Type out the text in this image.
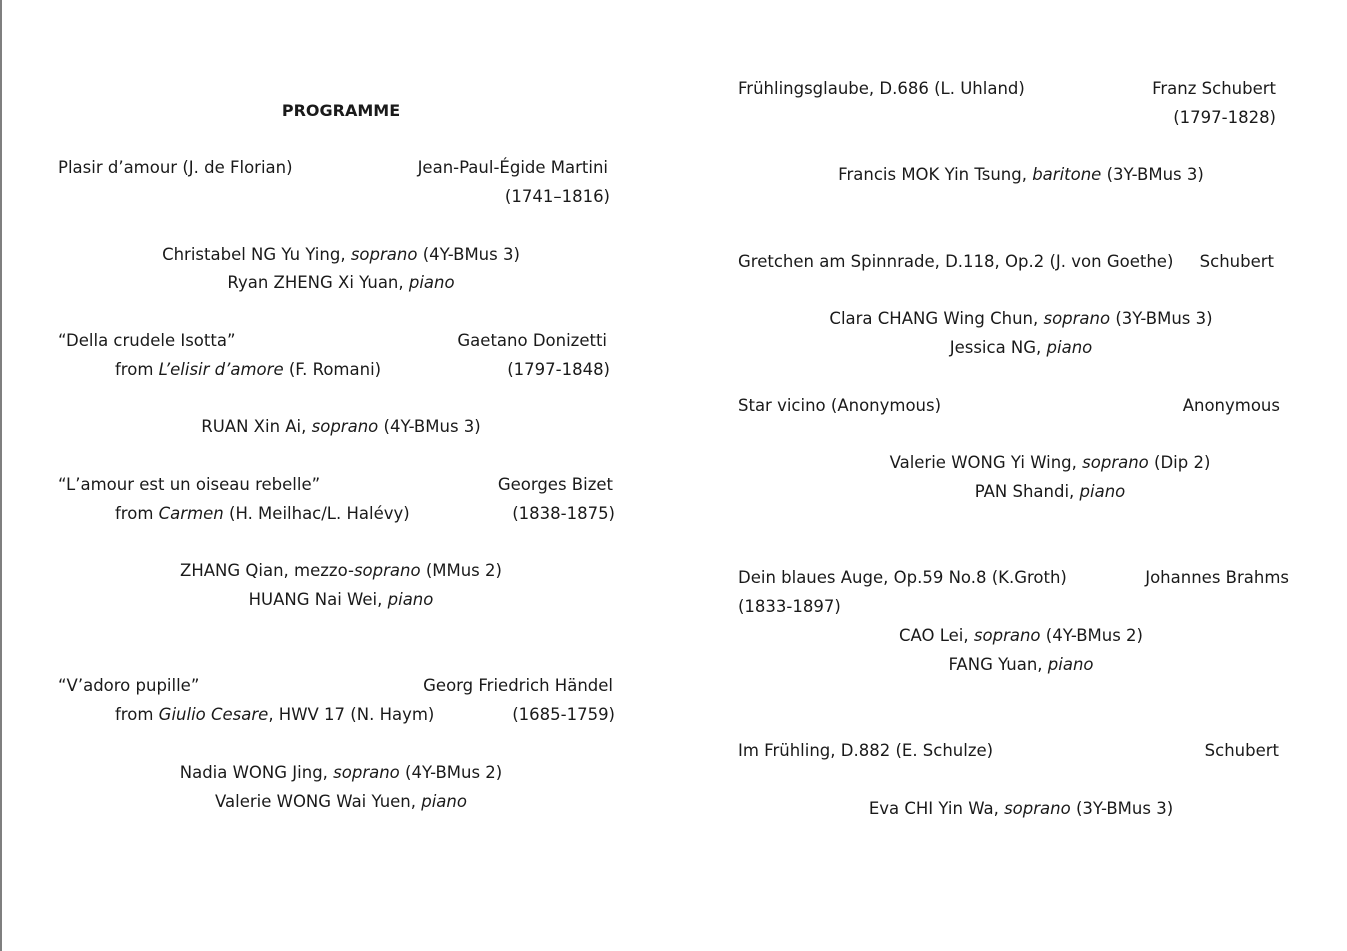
PROGRAMME
Plasir d’amour (J. de Florian)	Jean-Paul-Égide Martini
(1741–1816)
Christabel NG Yu Ying, soprano (4Y-BMus 3)
Ryan ZHENG Xi Yuan, piano
“Della crudele Isotta”	Gaetano Donizetti
from L’elisir d’amore (F. Romani)	(1797-1848)
RUAN Xin Ai, soprano (4Y-BMus 3)
“L’amour est un oiseau rebelle”	Georges Bizet
from Carmen (H. Meilhac/L. Halévy)	(1838-1875)
ZHANG Qian, mezzo-soprano (MMus 2)
HUANG Nai Wei, piano
“V’adoro pupille”	Georg Friedrich Händel
from Giulio Cesare, HWV 17 (N. Haym)	(1685-1759)
Nadia WONG Jing, soprano (4Y-BMus 2)
Valerie WONG Wai Yuen, piano
Frühlingsglaube, D.686 (L. Uhland)	Franz Schubert
(1797-1828)
Francis MOK Yin Tsung, baritone (3Y-BMus 3)
Gretchen am Spinnrade, D.118, Op.2 (J. von Goethe) Schubert
Clara CHANG Wing Chun, soprano (3Y-BMus 3)
Jessica NG, piano
Star vicino (Anonymous)	Anonymous
Valerie WONG Yi Wing, soprano (Dip 2)
PAN Shandi, piano
Dein blaues Auge, Op.59 No.8 (K.Groth)	Johannes Brahms
(1833-1897)
CAO Lei, soprano (4Y-BMus 2)
FANG Yuan, piano
Im Frühling, D.882 (E. Schulze)	Schubert
Eva CHI Yin Wa, soprano (3Y-BMus 3)
